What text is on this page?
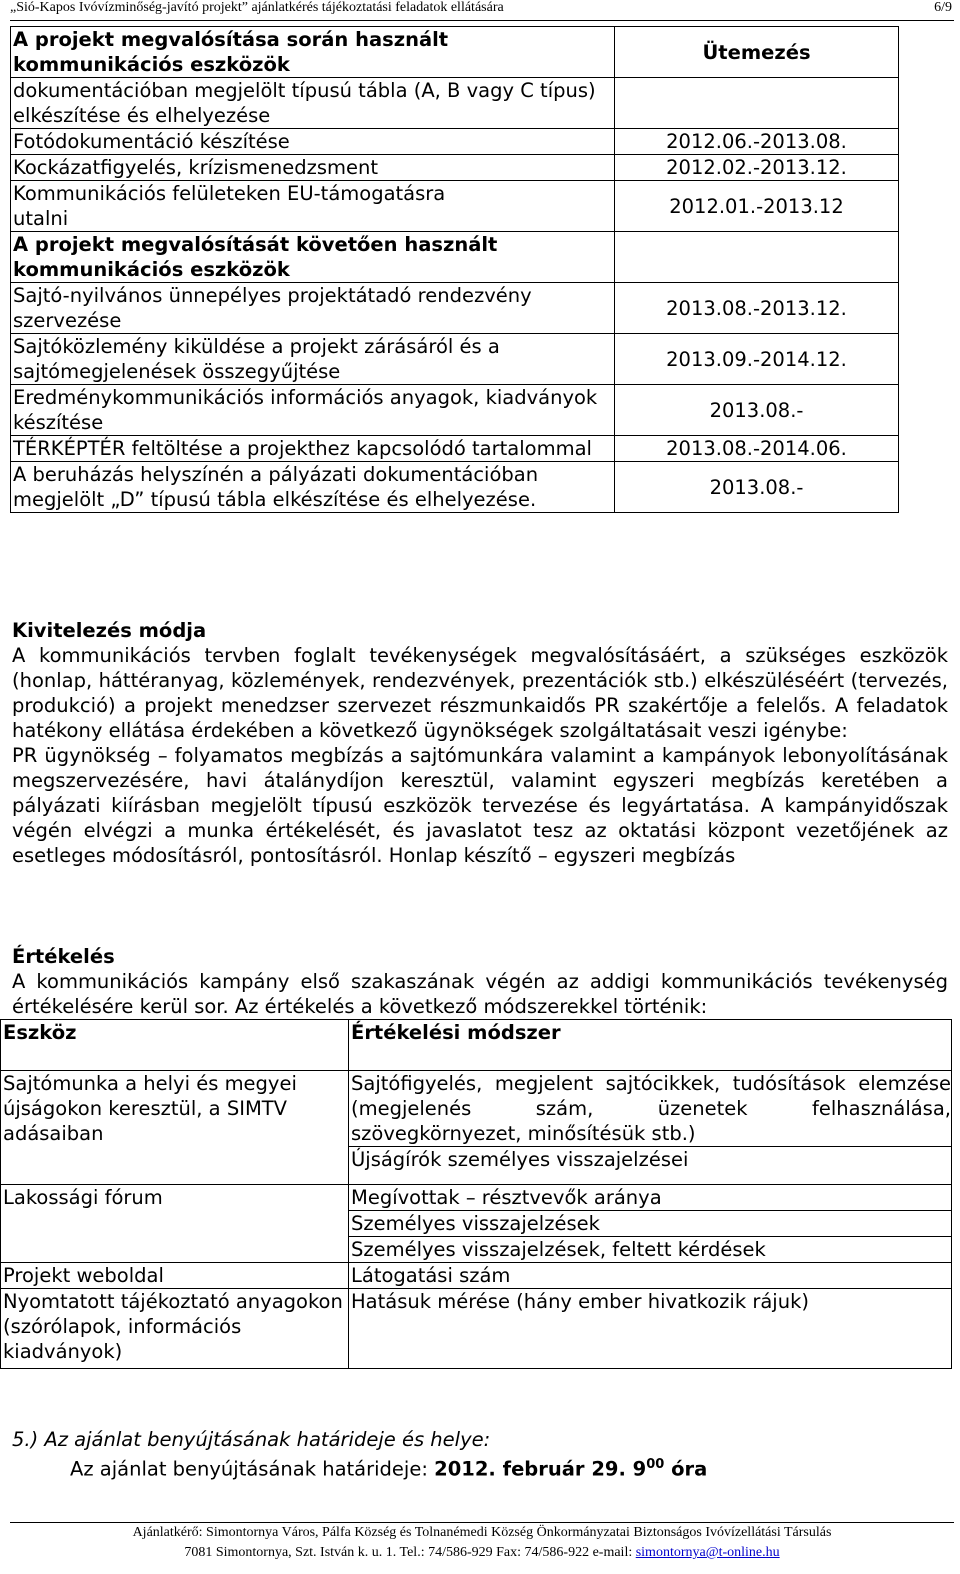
„Sió-Kapos Ivóvízminőség-javító projekt” ajánlatkérés tájékoztatási feladatok ellátására	6/9
A projekt megvalósítása során használt kommunikációs eszközök	Ütemezés
dokumentációban megjelölt típusú tábla (A, B vagy C típus) elkészítése és elhelyezése	
Fotódokumentáció készítése	2012.06.-2013.08.
Kockázatfigyelés, krízismenedzsment	2012.02.-2013.12.
Kommunikációs felületeken EU-támogatásra utalni	2012.01.-2013.12
A projekt megvalósítását követően használt kommunikációs eszközök	
Sajtó-nyilvános ünnepélyes projektátadó rendezvény szervezése	2013.08.-2013.12.
Sajtóközlemény kiküldése a projekt zárásáról és a sajtómegjelenések összegyűjtése	2013.09.-2014.12.
Eredménykommunikációs információs anyagok, kiadványok készítése	2013.08.-
TÉRKÉPTÉR feltöltése a projekthez kapcsolódó tartalommal	2013.08.-2014.06.
A beruházás helyszínén a pályázati dokumentációban megjelölt „D” típusú tábla elkészítése és elhelyezése.	2013.08.-
Kivitelezés módja
A kommunikációs tervben foglalt tevékenységek megvalósításáért, a szükséges eszközök (honlap, háttéranyag, közlemények, rendezvények, prezentációk stb.) elkészüléséért (tervezés, produkció) a projekt menedzser szervezet részmunkaidős PR szakértője a felelős. A feladatok hatékony ellátása érdekében a következő ügynökségek szolgáltatásait veszi igénybe:
PR ügynökség – folyamatos megbízás a sajtómunkára valamint a kampányok lebonyolításának megszervezésére, havi átalánydíjon keresztül, valamint egyszeri megbízás keretében a pályázati kiírásban megjelölt típusú eszközök tervezése és legyártatása. A kampányidőszak végén elvégzi a munka értékelését, és javaslatot tesz az oktatási központ vezetőjének az esetleges módosításról, pontosításról. Honlap készítő – egyszeri megbízás
Értékelés
A kommunikációs kampány első szakaszának végén az addigi kommunikációs tevékenység értékelésére kerül sor. Az értékelés a következő módszerekkel történik:
Eszköz	Értékelési módszer
Sajtómunka a helyi és megyei újságokon keresztül, a SIMTV adásaiban	Sajtófigyelés, megjelent sajtócikkek, tudósítások elemzése (megjelenés szám, üzenetek felhasználása, szövegkörnyezet, minősítésük stb.)
	Újságírók személyes visszajelzései
Lakossági fórum	Megívottak – résztvevők aránya
	Személyes visszajelzések
	Személyes visszajelzések, feltett kérdések
Projekt weboldal	Látogatási szám
Nyomtatott tájékoztató anyagokon (szórólapok, információs kiadványok)	Hatásuk mérése (hány ember hivatkozik rájuk)
5.) Az ajánlat benyújtásának határideje és helye:
Az ajánlat benyújtásának határideje: 2012. február 29. $9^{00}$ óra
Ajánlatkérő: Simontornya Város, Pálfa Község és Tolnanémedi Község Önkormányzatai Biztonságos Ivóvízellátási Társulás
7081 Simontornya, Szt. István k. u. 1. Tel.: 74/586-929 Fax: 74/586-922 e-mail: simontornya@t-online.hu
